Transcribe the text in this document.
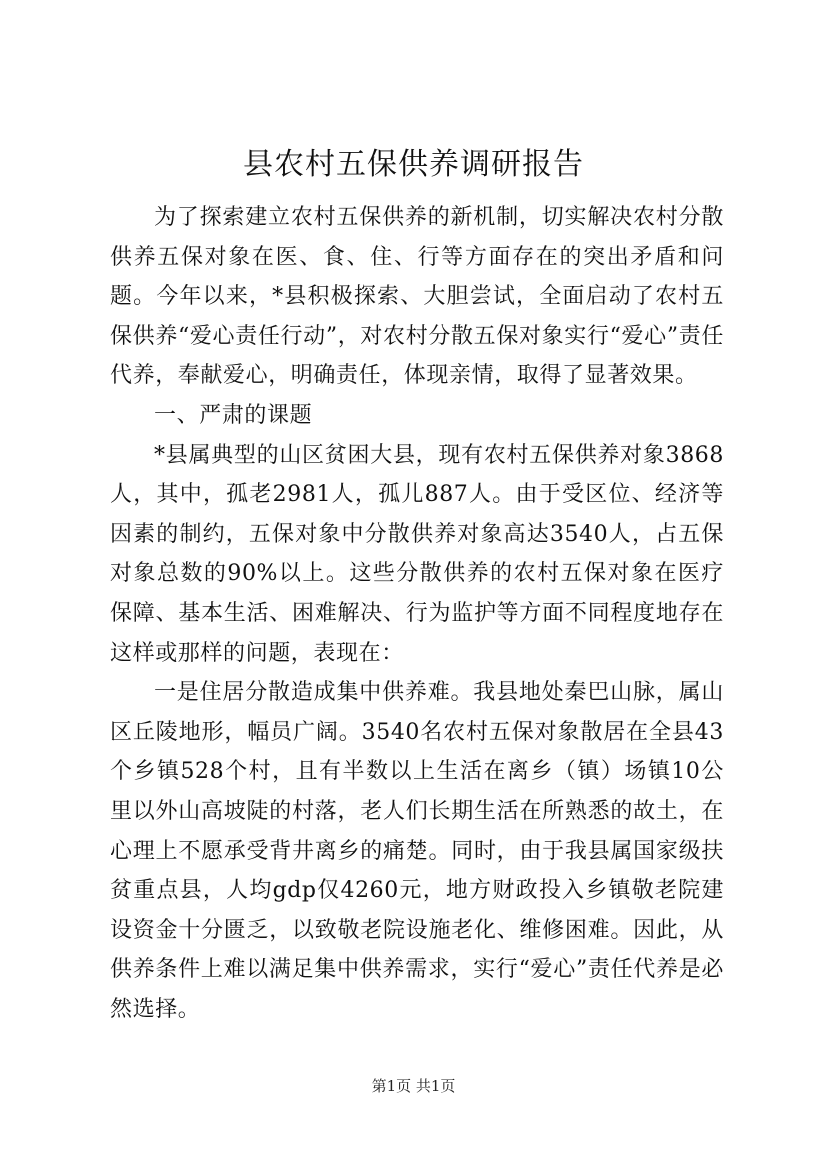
县农村五保供养调研报告

为了探索建立农村五保供养的新机制，切实解决农村分散供养五保对象在医、食、住、行等方面存在的突出矛盾和问题。今年以来，*县积极探索、大胆尝试，全面启动了农村五保供养“爱心责任行动”，对农村分散五保对象实行“爱心”责任代养，奉献爱心，明确责任，体现亲情，取得了显著效果。

一、严肃的课题

*县属典型的山区贫困大县，现有农村五保供养对象3868人，其中，孤老2981人，孤儿887人。由于受区位、经济等因素的制约，五保对象中分散供养对象高达3540人，占五保对象总数的90%以上。这些分散供养的农村五保对象在医疗保障、基本生活、困难解决、行为监护等方面不同程度地存在这样或那样的问题，表现在：

一是住居分散造成集中供养难。我县地处秦巴山脉，属山区丘陵地形，幅员广阔。3540名农村五保对象散居在全县43个乡镇528个村，且有半数以上生活在离乡（镇）场镇10公里以外山高坡陡的村落，老人们长期生活在所熟悉的故土，在心理上不愿承受背井离乡的痛楚。同时，由于我县属国家级扶贫重点县，人均gdp仅4260元，地方财政投入乡镇敬老院建设资金十分匮乏，以致敬老院设施老化、维修困难。因此，从供养条件上难以满足集中供养需求，实行“爱心”责任代养是必然选择。

第1页 共1页
